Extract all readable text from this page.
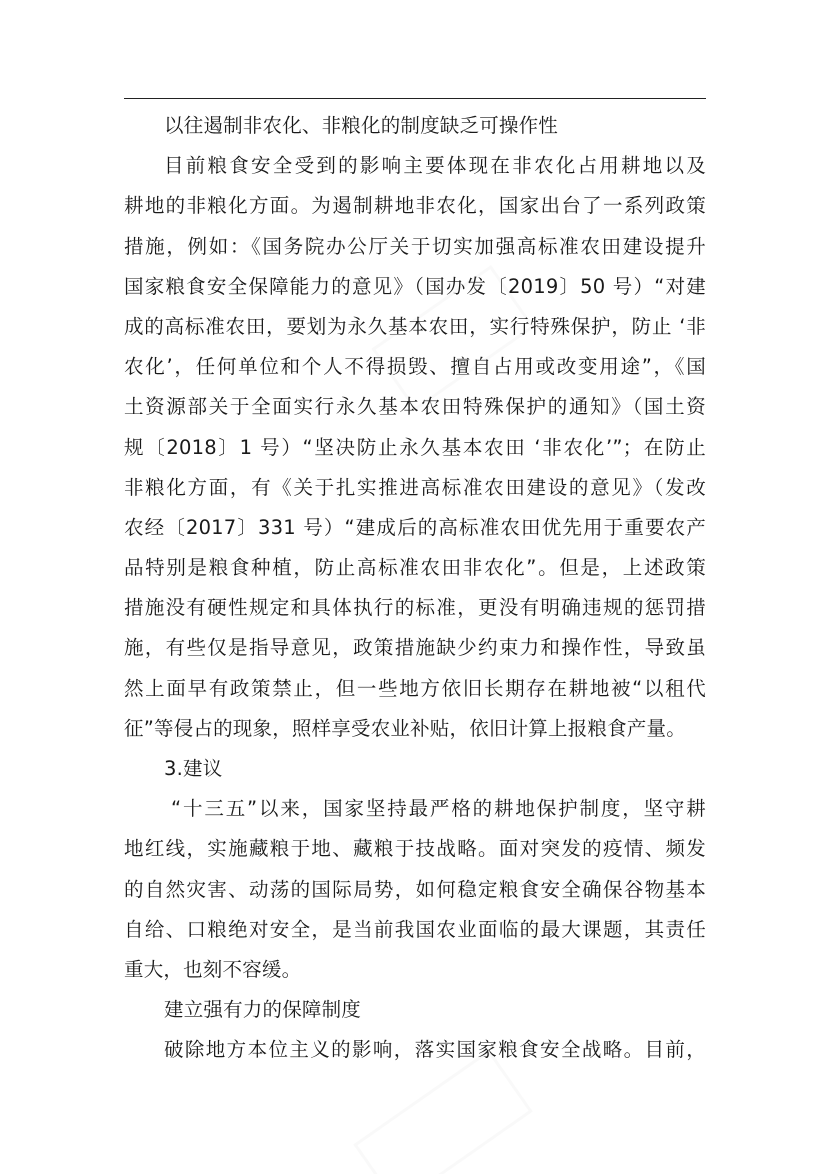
以往遏制非农化、非粮化的制度缺乏可操作性
目前粮食安全受到的影响主要体现在非农化占用耕地以及
耕地的非粮化方面。为遏制耕地非农化，国家出台了一系列政策
措施，例如：《国务院办公厅关于切实加强高标准农田建设提升
国家粮食安全保障能力的意见》（国办发〔2019〕50 号）“对建
成的高标准农田，要划为永久基本农田，实行特殊保护，防止 ‘非
农化’，任何单位和个人不得损毁、擅自占用或改变用途”，《国
土资源部关于全面实行永久基本农田特殊保护的通知》（国土资
规〔2018〕1 号）“坚决防止永久基本农田 ‘非农化’”；在防止
非粮化方面，有《关于扎实推进高标准农田建设的意见》（发改
农经〔2017〕331 号）“建成后的高标准农田优先用于重要农产
品特别是粮食种植，防止高标准农田非农化”。但是，上述政策
措施没有硬性规定和具体执行的标准，更没有明确违规的惩罚措
施，有些仅是指导意见，政策措施缺少约束力和操作性，导致虽
然上面早有政策禁止，但一些地方依旧长期存在耕地被“以租代
征”等侵占的现象，照样享受农业补贴，依旧计算上报粮食产量。
3.建议
“十三五”以来，国家坚持最严格的耕地保护制度，坚守耕
地红线，实施藏粮于地、藏粮于技战略。面对突发的疫情、频发
的自然灾害、动荡的国际局势，如何稳定粮食安全确保谷物基本
自给、口粮绝对安全，是当前我国农业面临的最大课题，其责任
重大，也刻不容缓。
建立强有力的保障制度
破除地方本位主义的影响，落实国家粮食安全战略。目前，
